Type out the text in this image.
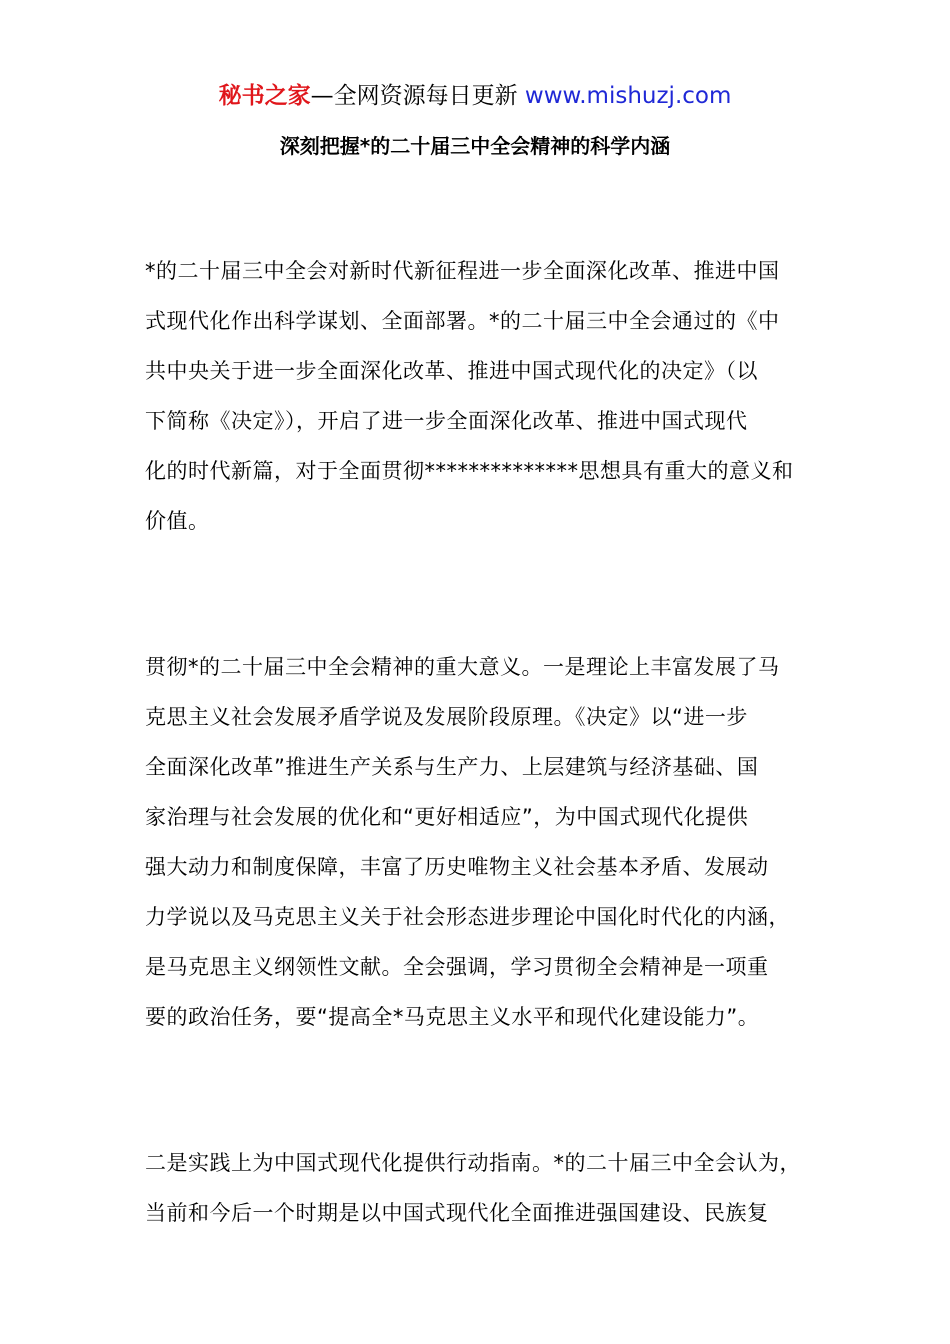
秘书之家—全网资源每日更新 www.mishuzj.com
深刻把握*的二十届三中全会精神的科学内涵
*的二十届三中全会对新时代新征程进一步全面深化改革、推进中国
式现代化作出科学谋划、全面部署。*的二十届三中全会通过的《中
共中央关于进一步全面深化改革、推进中国式现代化的决定》（以
下简称《决定》），开启了进一步全面深化改革、推进中国式现代
化的时代新篇，对于全面贯彻**************思想具有重大的意义和
价值。
贯彻*的二十届三中全会精神的重大意义。一是理论上丰富发展了马
克思主义社会发展矛盾学说及发展阶段原理。《决定》以“进一步
全面深化改革”推进生产关系与生产力、上层建筑与经济基础、国
家治理与社会发展的优化和“更好相适应”，为中国式现代化提供
强大动力和制度保障，丰富了历史唯物主义社会基本矛盾、发展动
力学说以及马克思主义关于社会形态进步理论中国化时代化的内涵，
是马克思主义纲领性文献。全会强调，学习贯彻全会精神是一项重
要的政治任务，要“提高全*马克思主义水平和现代化建设能力”。
二是实践上为中国式现代化提供行动指南。*的二十届三中全会认为，
当前和今后一个时期是以中国式现代化全面推进强国建设、民族复
